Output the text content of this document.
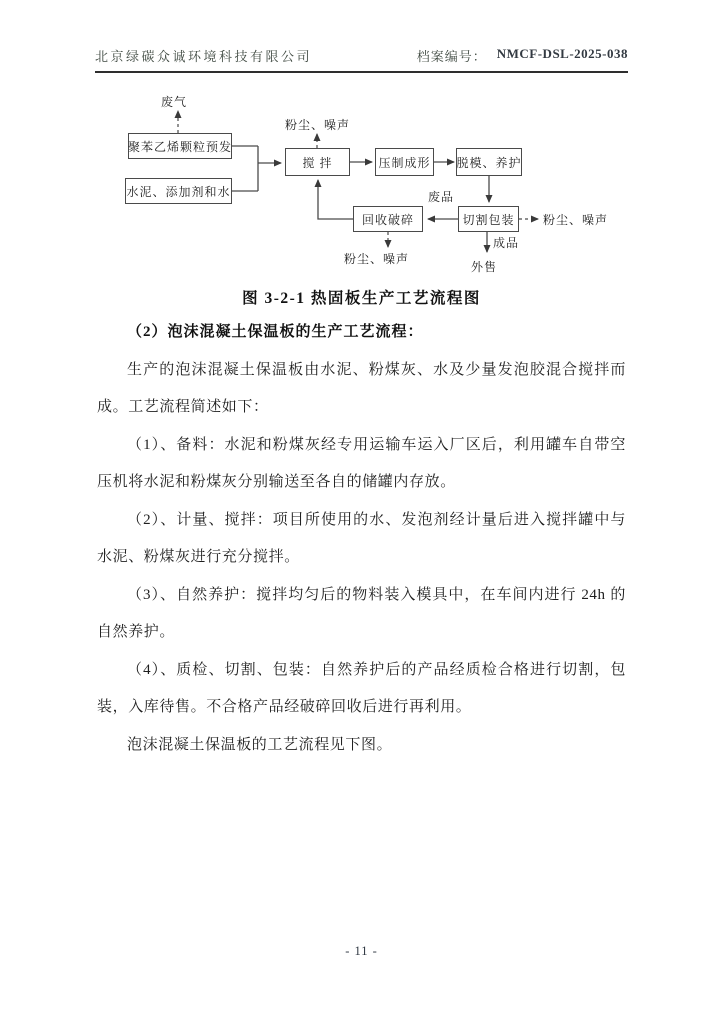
北京绿碳众诚环境科技有限公司	档案编号： NMCF-DSL-2025-038
聚苯乙烯颗粒预发
水泥、添加剂和水
搅 拌	压制成形 脱模、养护
回收破碎	切割包装
废气
粉尘、噪声
废品
粉尘、噪声
粉尘、噪声
成品
外售
图 3-2-1 热固板生产工艺流程图

（2）泡沫混凝土保温板的生产工艺流程：

生产的泡沫混凝土保温板由水泥、粉煤灰、水及少量发泡胶混合搅拌而成。工艺流程简述如下：

（1）、备料：水泥和粉煤灰经专用运输车运入厂区后，利用罐车自带空压机将水泥和粉煤灰分别输送至各自的储罐内存放。

（2）、计量、搅拌：项目所使用的水、发泡剂经计量后进入搅拌罐中与水泥、粉煤灰进行充分搅拌。

（3）、自然养护：搅拌均匀后的物料装入模具中，在车间内进行 24h 的自然养护。

（4）、质检、切割、包装：自然养护后的产品经质检合格进行切割，包装，入库待售。不合格产品经破碎回收后进行再利用。

泡沫混凝土保温板的工艺流程见下图。

- 11 -
